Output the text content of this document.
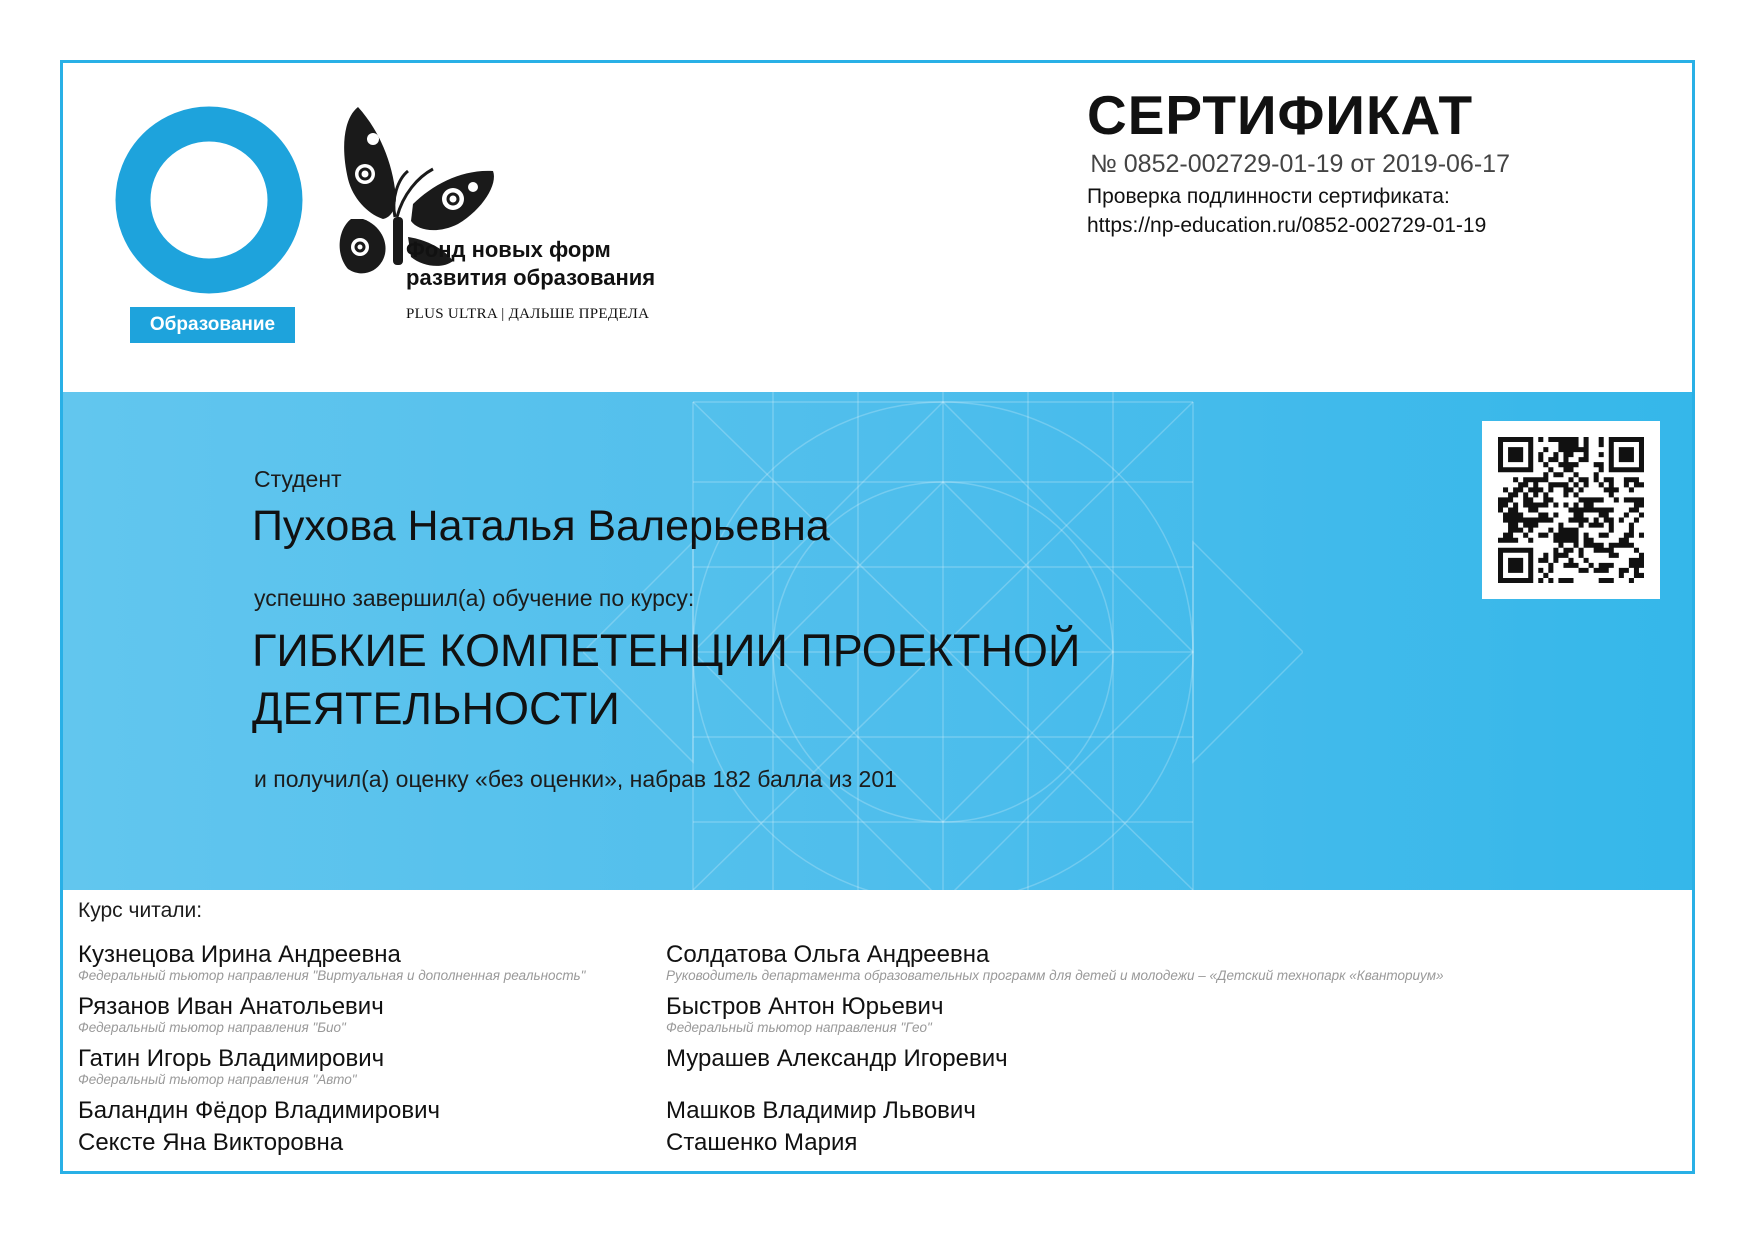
Образование
Фонд новых форм
развития образования
PLUS ULTRA | ДАЛЬШЕ ПРЕДЕЛА
СЕРТИФИКАТ
№ 0852-002729-01-19 от 2019-06-17
Проверка подлинности сертификата:
https://np-education.ru/0852-002729-01-19
Студент
Пухова Наталья Валерьевна
успешно завершил(а) обучение по курсу:
ГИБКИЕ КОМПЕТЕНЦИИ ПРОЕКТНОЙ
ДЕЯТЕЛЬНОСТИ
и получил(а) оценку «без оценки», набрав 182 балла из 201
Курс читали:
Кузнецова Ирина Андреевна
Федеральный тьютор направления "Виртуальная и дополненная реальность"
Рязанов Иван Анатольевич
Федеральный тьютор направления "Био"
Гатин Игорь Владимирович
Федеральный тьютор направления "Авто"
Баландин Фёдор Владимирович
Сексте Яна Викторовна
Солдатова Ольга Андреевна
Руководитель департамента образовательных программ для детей и молодежи – «Детский технопарк «Кванториум»
Быстров Антон Юрьевич
Федеральный тьютор направления "Гео"
Мурашев Александр Игоревич
Машков Владимир Львович
Сташенко Мария
